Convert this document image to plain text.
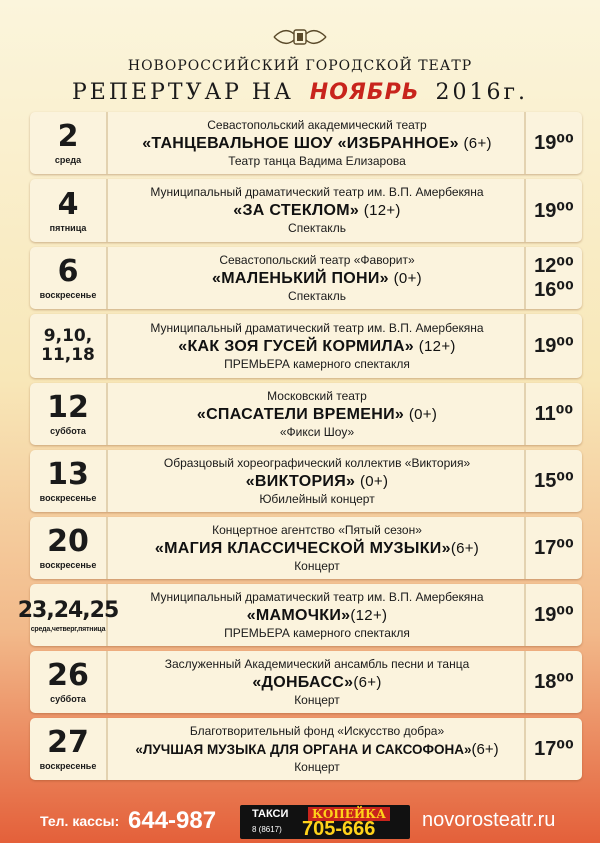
НОВОРОССИЙСКИЙ ГОРОДСКОЙ ТЕАТР
РЕПЕРТУАР НА НОЯБРЬ 2016г.
2
среда
Севастопольский академический театр
«ТАНЦЕВАЛЬНОЕ ШОУ «ИЗБРАННОЕ» (6+)
Театр танца Вадима Елизарова
19⁰⁰
4
пятница
Муниципальный драматический театр им. В.П. Амербекяна
«ЗА СТЕКЛОМ» (12+)
Спектакль
19⁰⁰
6
воскресенье
Севастопольский театр «Фаворит»
«МАЛЕНЬКИЙ ПОНИ» (0+)
Спектакль
12⁰⁰
16⁰⁰
9,10,
11,18
Муниципальный драматический театр им. В.П. Амербекяна
«КАК ЗОЯ ГУСЕЙ КОРМИЛА» (12+)
ПРЕМЬЕРА камерного спектакля
19⁰⁰
12
суббота
Московский театр
«СПАСАТЕЛИ ВРЕМЕНИ» (0+)
«Фикси Шоу»
11⁰⁰
13
воскресенье
Образцовый хореографический коллектив «Виктория»
«ВИКТОРИЯ» (0+)
Юбилейный концерт
15⁰⁰
20
воскресенье
Концертное агентство «Пятый сезон»
«МАГИЯ КЛАССИЧЕСКОЙ МУЗЫКИ»(6+)
Концерт
17⁰⁰
23,24,25
среда,четверг,пятница
Муниципальный драматический театр им. В.П. Амербекяна
«МАМОЧКИ»(12+)
ПРЕМЬЕРА камерного спектакля
19⁰⁰
26
суббота
Заслуженный Академический ансамбль песни и танца
«ДОНБАСС»(6+)
Концерт
18⁰⁰
27
воскресенье
Благотворительный фонд «Искусство добра»
«ЛУЧШАЯ МУЗЫКА ДЛЯ ОРГАНА И САКСОФОНА»(6+)
Концерт
17⁰⁰
Тел. кассы: 644-987	ТАКСИ	КОПЕЙКА
8 (8617) 705-666 novorosteatr.ru
